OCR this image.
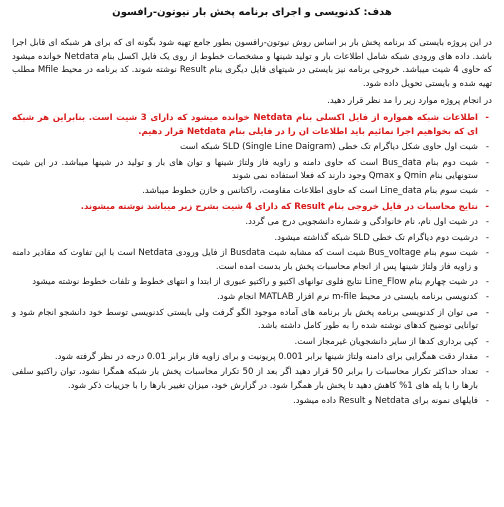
هدف: کدنویسی و اجرای برنامه پخش بار نیوتون-رافسون

در این پروژه بایستی کد برنامه پخش بار بر اساس روش نیوتون-رافسون بطور جامع تهیه شود بگونه ای که برای هر شبکه ای قابل اجرا باشد. داده های ورودی شبکه شامل اطلاعات بار و تولید شینها و مشخصات خطوط از روی یک فایل اکسل بنام Netdata خوانده میشود که حاوی 4 شیت میباشد. خروجی برنامه نیز بایستی در شیتهای فایل دیگری بنام Result نوشته شوند. کد برنامه در محیط Mfile مطلب تهیه شده و بایستی تحویل داده شود.

در انجام پروژه موارد زیر را مد نظر قرار دهید.

- اطلاعات شبکه همواره از فایل اکسلی بنام Netdata خوانده میشود که دارای 3 شیت است. بنابراین هر شبکه ای که بخواهیم اجرا نمائیم باید اطلاعات ان را در فایلی بنام Netdata قرار دهیم.
- شیت اول حاوی شکل دیاگرام تک خطی (Single Line Daigram) SLD شبکه است
- شیت دوم بنام Bus_data است که حاوی دامنه و زاویه فاز ولتاژ شینها و توان های بار و تولید در شینها میباشد. در این شیت ستونهایی بنام Qmin و Qmax وجود دارند که فعلا استفاده نمی شوند
- شیت سوم بنام Line_data است که حاوی اطلاعات مقاومت، راکتانس و خازن خطوط میباشد.
- نتایج محاسبات در فایل خروجی بنام Result که دارای 4 شیت بشرح زیر میباشد نوشته میشوند.
- در شیت اول نام، نام خانوادگی و شماره دانشجویی درج می گردد.
- درشیت دوم دیاگرام تک خطی SLD شبکه گذاشته میشود.
- شیت سوم بنام Bus_voltage شیت است که مشابه شیت Busdata از فایل ورودی Netdata است با این تفاوت که مقادیر دامنه و زاویه فاز ولتاژ شینها پس از انجام محاسبات پخش بار بدست امده است.
- در شیت چهارم بنام Line_Flow نتایج فلوی توانهای اکتیو و راکتیو عبوری از ابتدا و انتهای خطوط و تلفات خطوط نوشته میشود
- کدنویسی برنامه بایستی در محیط m-file نرم افزار MATLAB انجام شود.
- می توان از کدنویسی برنامه پخش بار برنامه های آماده موجود الگو گرفت ولی بایستی کدنویسی توسط خود دانشجو انجام شود و توانایی توضیح کدهای نوشته شده را به طور کامل داشته باشد.
- کپی برداری کدها از سایر دانشجویان غیرمجاز است.
- مقدار دقت همگرایی برای دامنه ولتاژ شینها برابر 0.001 پریونیت و برای زاویه فاز برابر 0.01 درجه در نظر گرفته شود.
- تعداد حداکثر تکرار محاسبات را برابر 50 قرار دهید اگر بعد از 50 تکرار محاسبات پخش بار شبکه همگرا نشود، توان راکتیو سلفی بارها را با پله های 1% کاهش دهید تا پخش بار همگرا شود. در گزارش خود، میزان تغییر بارها را با جزییات ذکر شود.
- فایلهای نمونه برای Netdata و Result داده میشود.
